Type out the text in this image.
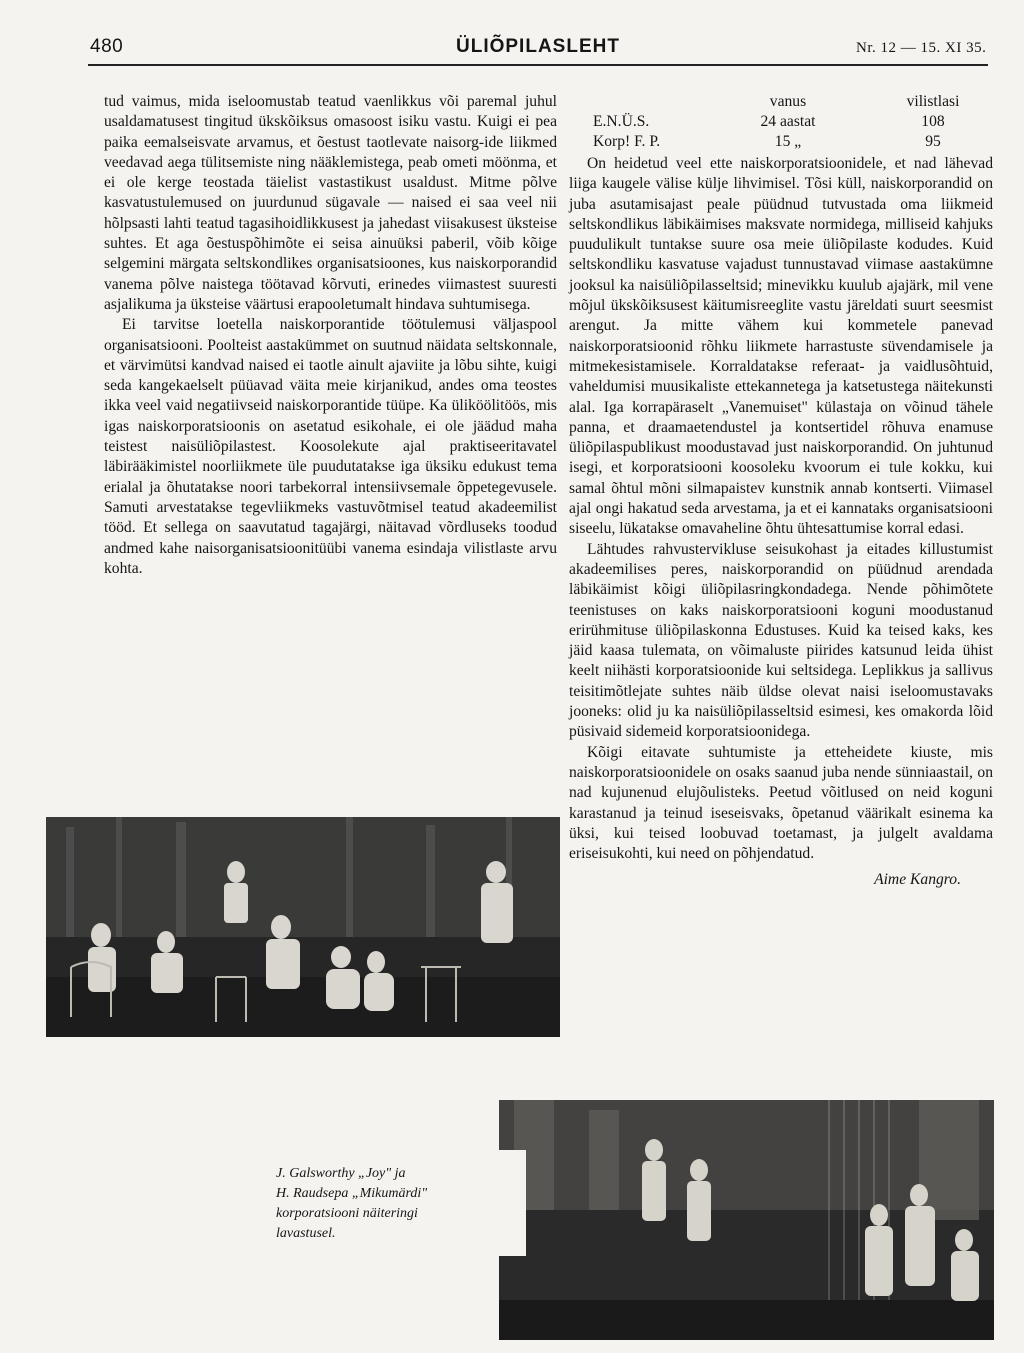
480	ÜLIÕPILASLEHT	Nr. 12 — 15. XI 35.

tud vaimus, mida iseloomustab teatud vaenlikkus või paremal juhul usaldamatusest tingitud ükskõiksus omasoost isiku vastu. Kuigi ei pea paika eemalseisvate arvamus, et õestust taotlevate naisorg-ide liikmed veedavad aega tülitsemiste ning nääklemistega, peab ometi möönma, et ei ole kerge teostada täielist vastastikust usaldust. Mitme põlve kasvatustulemused on juurdunud sügavale — naised ei saa veel nii hõlpsasti lahti teatud tagasihoidlikkusest ja jahedast viisakusest üksteise suhtes. Et aga õestuspõhimõte ei seisa ainuüksi paberil, võib kõige selgemini märgata seltskondlikes organisatsioones, kus naiskorporandid vanema põlve naistega töötavad kõrvuti, erinedes viimastest suuresti asjalikuma ja üksteise väärtusi erapooletumalt hindava suhtumisega.

Ei tarvitse loetella naiskorporantide töötulemusi väljaspool organisatsiooni. Poolteist aastakümmet on suutnud näidata seltskonnale, et värvimütsi kandvad naised ei taotle ainult ajaviite ja lõbu sihte, kuigi seda kangekaelselt püüavad väita meie kirjanikud, andes oma teostes ikka veel vaid negatiivseid naiskorporantide tüüpe. Ka üliköölitöös, mis igas naiskorporatsioonis on asetatud esikohale, ei ole jäädud maha teistest naisüliõpilastest. Koosolekute ajal praktiseeritavatel läbirääkimistel noorliikmete üle puudutatakse iga üksiku edukust tema erialal ja õhutatakse noori tarbekorral intensiivsemale õppetegevusele. Samuti arvestatakse tegevliikmeks vastuvõtmisel teatud akadeemilist tööd. Et sellega on saavutatud tagajärgi, näitavad võrdluseks toodud andmed kahe naisorganisatsioonitüübi vanema esindaja vilistlaste arvu kohta.

	vanus	vilistlasi
E.N.Ü.S.	24 aastat	108
Korp! F. P.	15 „	95

On heidetud veel ette naiskorporatsioonidele, et nad lähevad liiga kaugele välise külje lihvimisel. Tõsi küll, naiskorporandid on juba asutamisajast peale püüdnud tutvustada oma liikmeid seltskondlikus läbikäimises maksvate normidega, milliseid kahjuks puudulikult tuntakse suure osa meie üliõpilaste kodudes. Kuid seltskondliku kasvatuse vajadust tunnustavad viimase aastakümne jooksul ka naisüliõpilasseltsid; minevikku kuulub ajajärk, mil vene mõjul ükskõiksusest käitumisreeglite vastu järeldati suurt seesmist arengut. Ja mitte vähem kui kommetele panevad naiskorporatsioonid rõhku liikmete harrastuste süvendamisele ja mitmekesistamisele. Korraldatakse referaat- ja vaidlusõhtuid, vaheldumisi muusikaliste ettekannetega ja katsetustega näitekunsti alal. Iga korrapäraselt „Vanemuiset" külastaja on võinud tähele panna, et draamaetendustel ja kontsertidel rõhuva enamuse üliõpilaspublikust moodustavad just naiskorporandid. On juhtunud isegi, et korporatsiooni koosoleku kvoorum ei tule kokku, kui samal õhtul mõni silmapaistev kunstnik annab kontserti. Viimasel ajal ongi hakatud seda arvestama, ja et ei kannataks organisatsiooni siseelu, lükatakse omavaheline õhtu ühtesattumise korral edasi.

Lähtudes rahvustervikluse seisukohast ja eitades killustumist akadeemilises peres, naiskorporandid on püüdnud arendada läbikäimist kõigi üliõpilasringkondadega. Nende põhimõtete teenistuses on kaks naiskorporatsiooni koguni moodustanud erirühmituse üliõpilaskonna Edustuses. Kuid ka teised kaks, kes jäid kaasa tulemata, on võimaluste piirides katsunud leida ühist keelt niihästi korporatsioonide kui seltsidega. Leplikkus ja sallivus teisitimõtlejate suhtes näib üldse olevat naisi iseloomustavaks jooneks: olid ju ka naisüliõpilasseltsid esimesi, kes omakorda lõid püsivaid sidemeid korporatsioonidega.

Kõigi eitavate suhtumiste ja etteheidete kiuste, mis naiskorporatsioonidele on osaks saanud juba nende sünniaastail, on nad kujunenud elujõulisteks. Peetud võitlused on neid koguni karastanud ja teinud iseseisvaks, õpetanud väärikalt esinema ka üksi, kui teised loobuvad toetamast, ja julgelt avaldama eriseisukohti, kui need on põhjendatud.

Aime Kangro.
J. Galsworthy „Joy" ja
H. Raudsepa „Mikumärdi"
korporatsiooni näiteringi
lavastusel.
